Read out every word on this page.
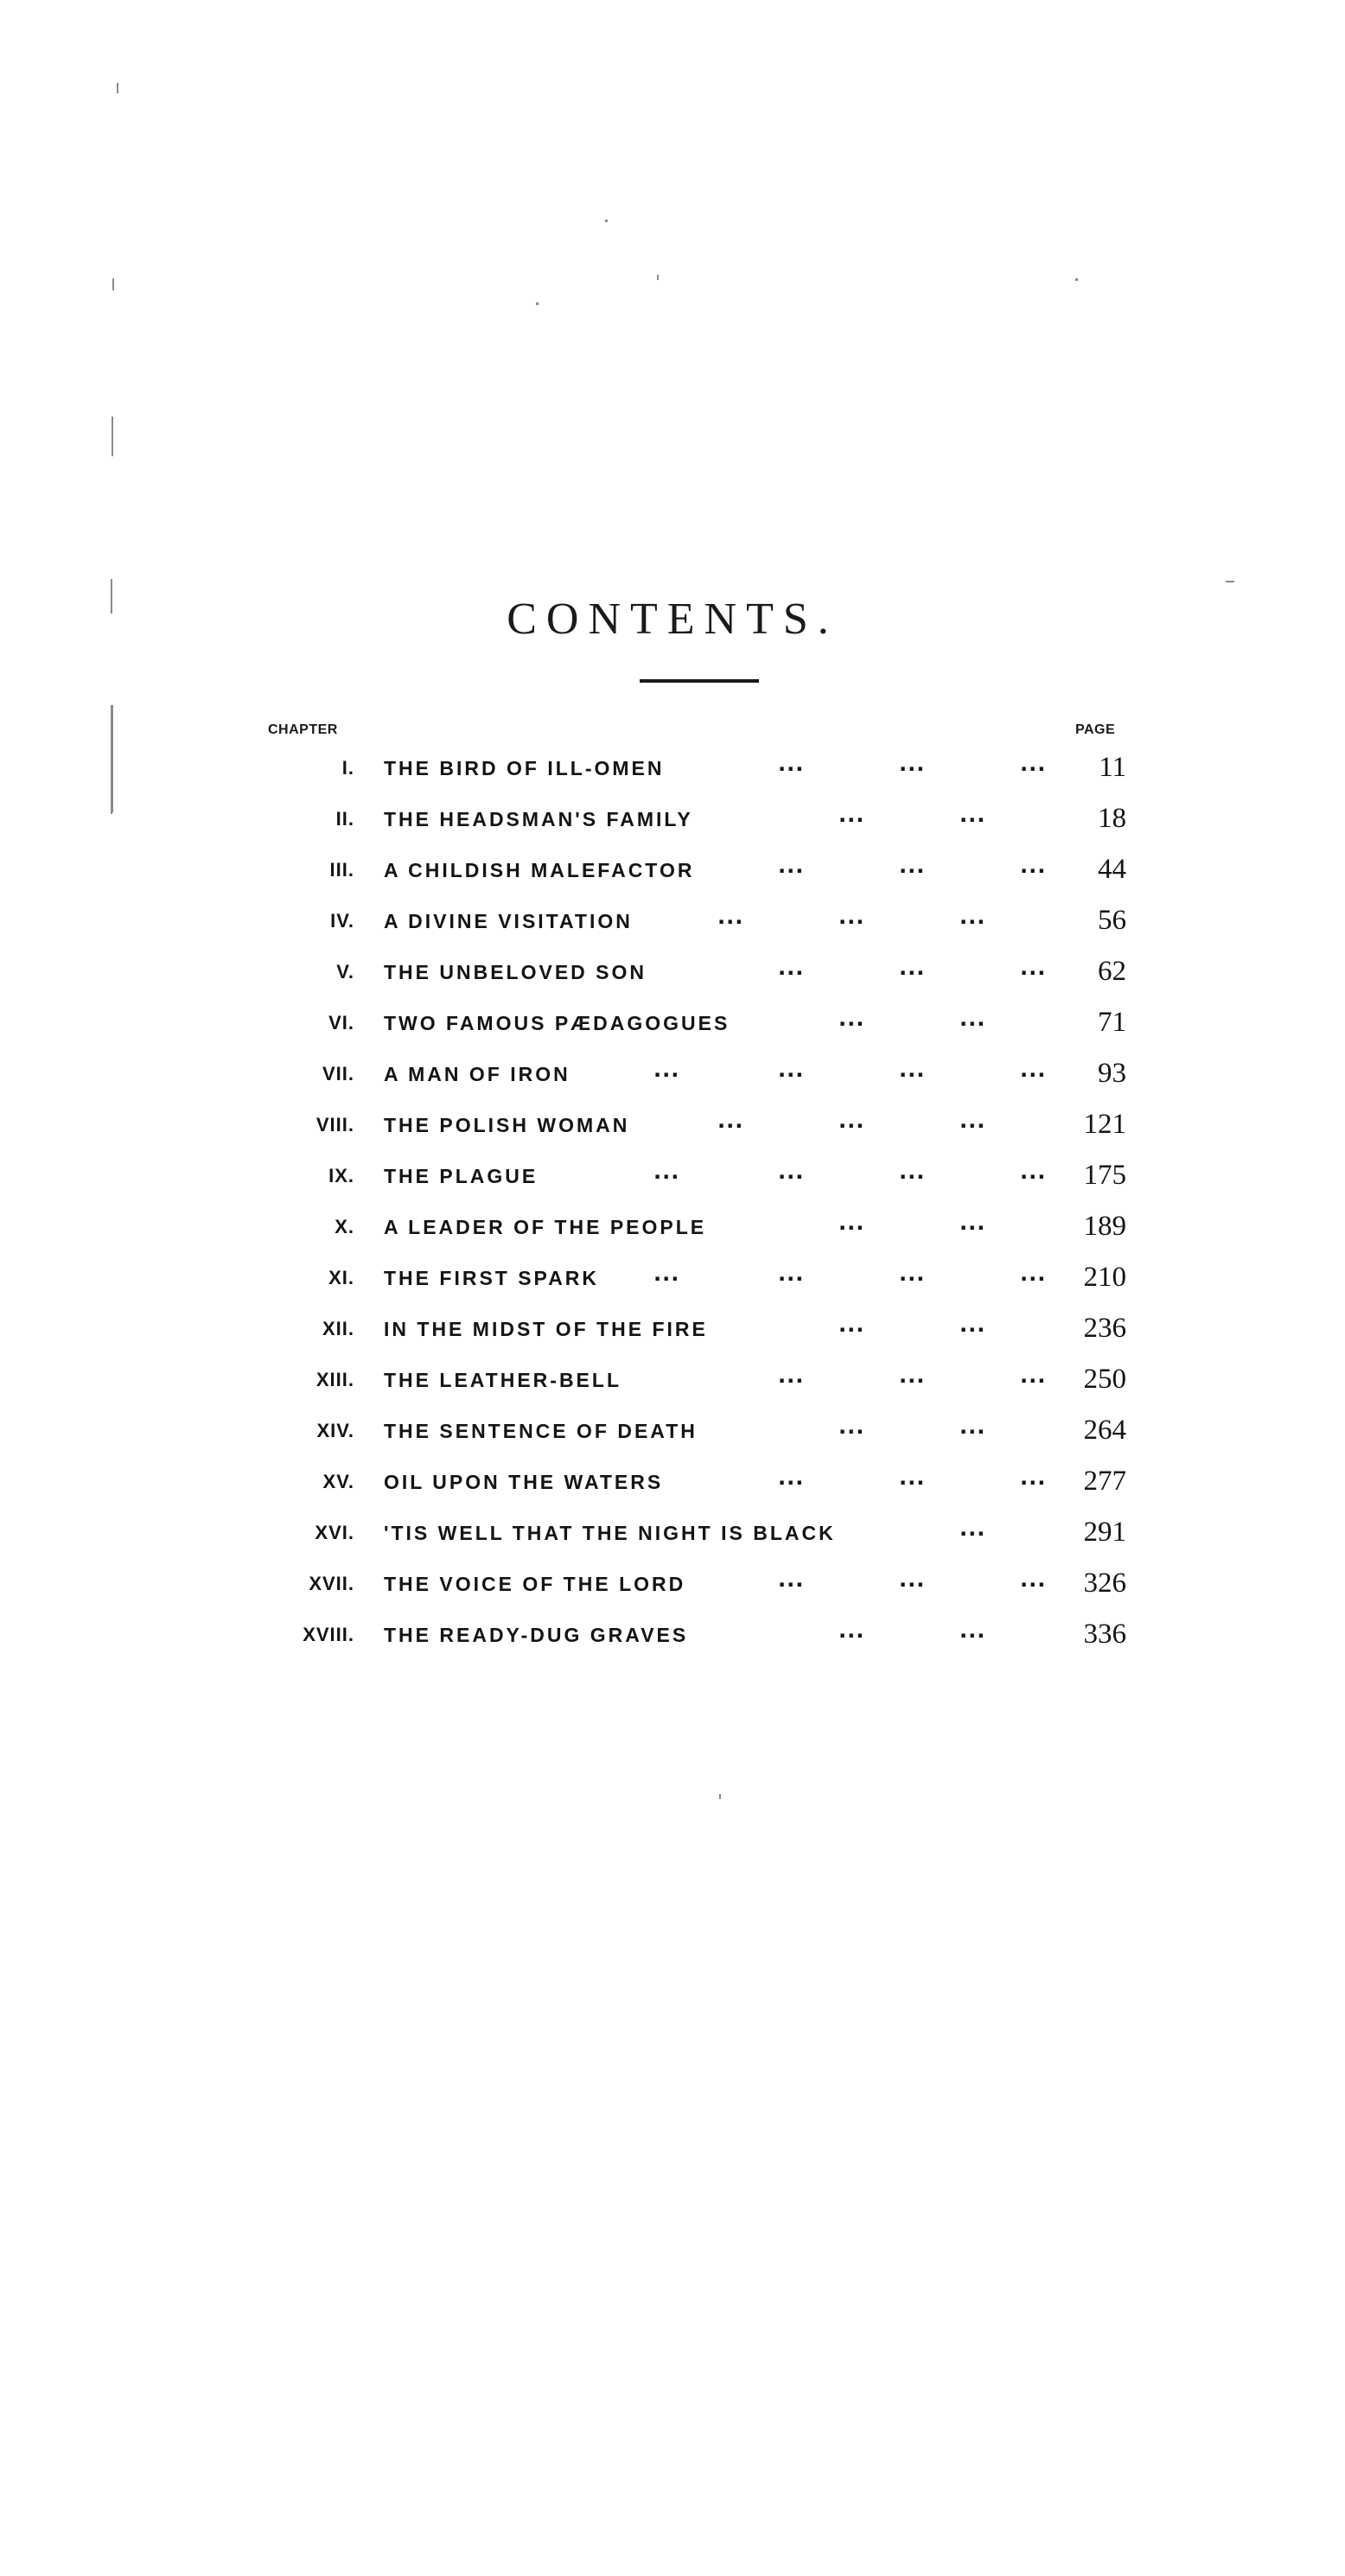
CONTENTS.
CHAPTER	PAGE
I. THE BIRD OF ILL-OMEN	...	...	... 11
II. THE HEADSMAN'S FAMILY	...	...	18
III. A CHILDISH MALEFACTOR	...	...	... 44
IV. A DIVINE VISITATION	...	...	...	56
V. THE UNBELOVED SON	...	...	... 62
VI. TWO FAMOUS PÆDAGOGUES	...	...	71
VII. A MAN OF IRON	...	...	...	... 93
VIII. THE POLISH WOMAN	...	...	...	121
IX. THE PLAGUE	...	...	...	... 175
X. A LEADER OF THE PEOPLE	...	...	189
XI. THE FIRST SPARK	...	...	...	... 210
XII. IN THE MIDST OF THE FIRE	...	...	236
XIII. THE LEATHER-BELL	...	...	... 250
XIV. THE SENTENCE OF DEATH	...	...	264
XV. OIL UPON THE WATERS	...	...	... 277
XVI. 'TIS WELL THAT THE NIGHT IS BLACK	...	291
XVII. THE VOICE OF THE LORD	...	...	... 326
XVIII. THE READY-DUG GRAVES	...	...	336
